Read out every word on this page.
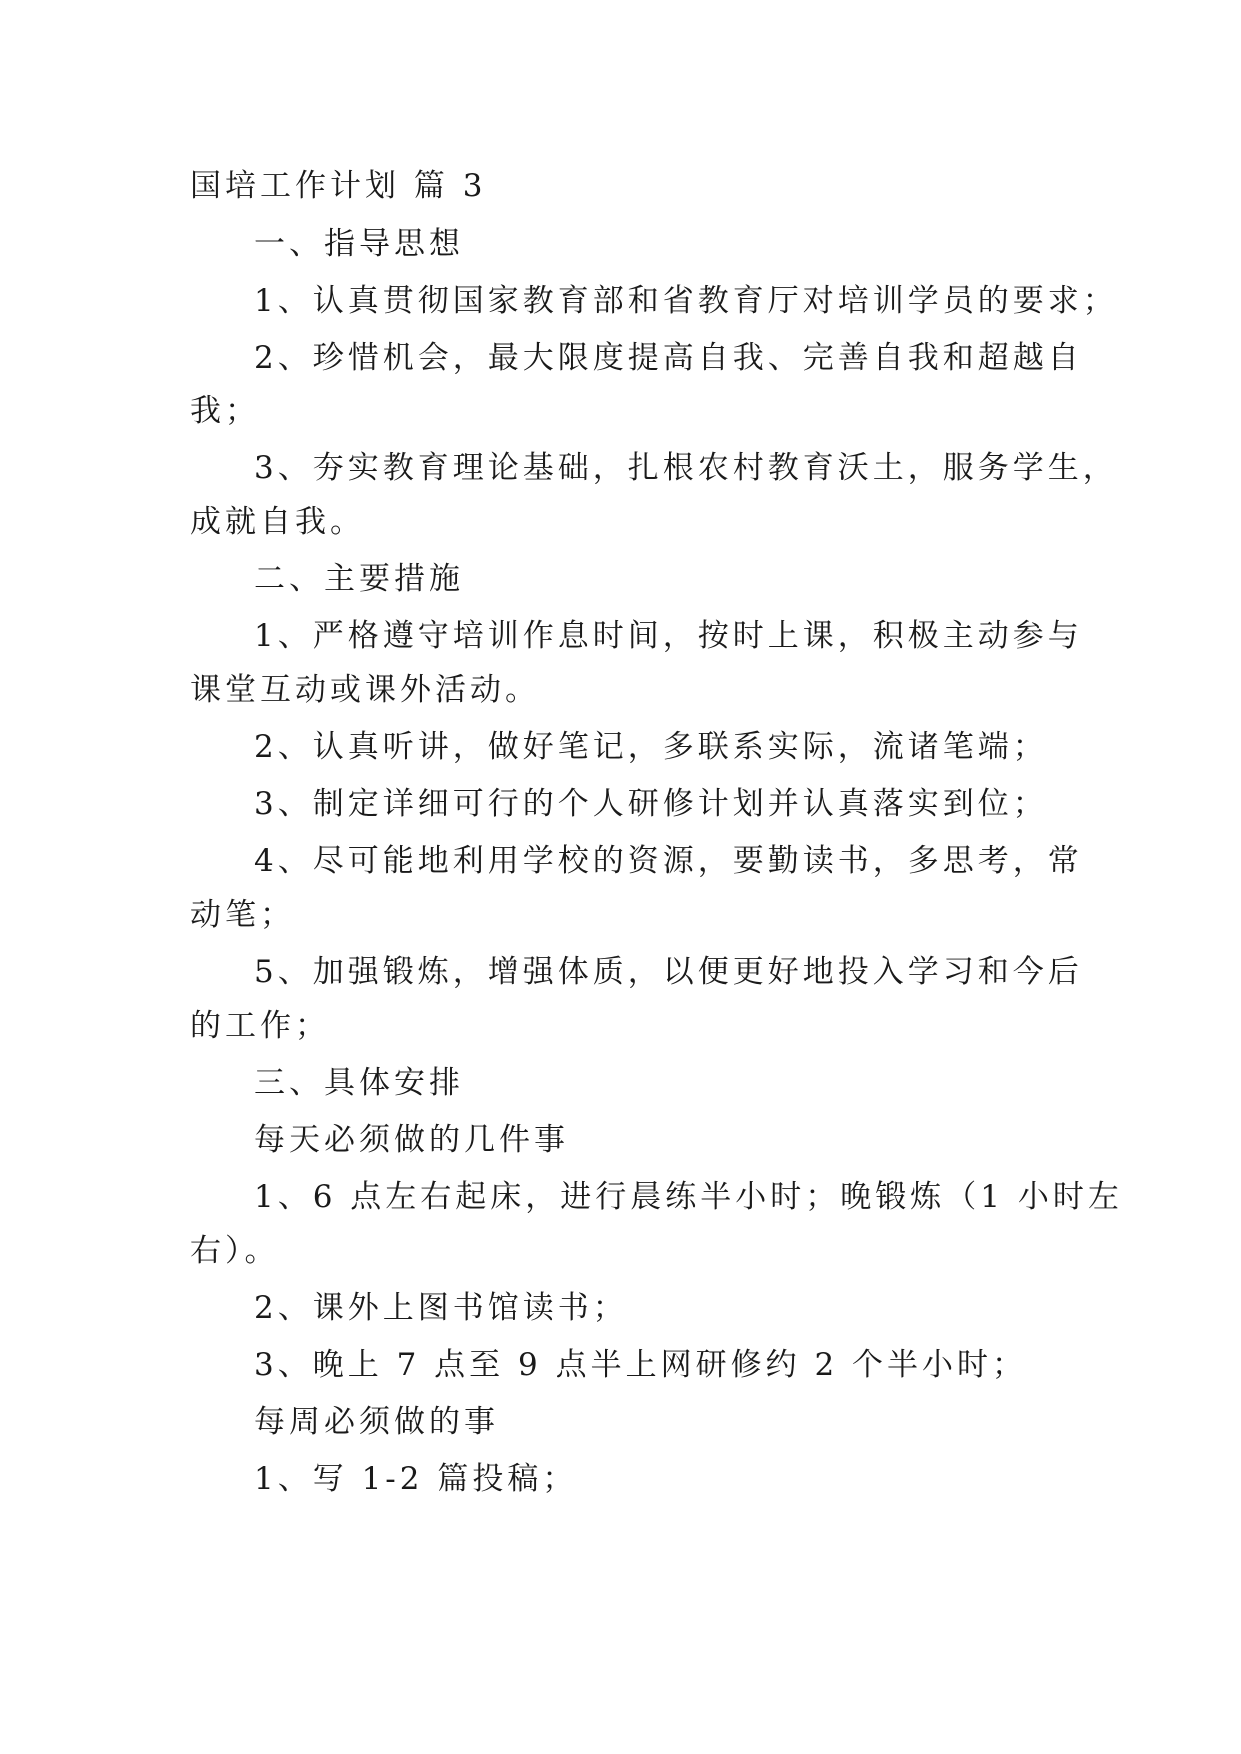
国培工作计划 篇 3
一、指导思想
1、认真贯彻国家教育部和省教育厅对培训学员的要求；
2、珍惜机会，最大限度提高自我、完善自我和超越自
我；
3、夯实教育理论基础，扎根农村教育沃土，服务学生，
成就自我。
二、主要措施
1、严格遵守培训作息时间，按时上课，积极主动参与
课堂互动或课外活动。
2、认真听讲，做好笔记，多联系实际，流诸笔端；
3、制定详细可行的个人研修计划并认真落实到位；
4、尽可能地利用学校的资源，要勤读书，多思考，常
动笔；
5、加强锻炼，增强体质，以便更好地投入学习和今后
的工作；
三、具体安排
每天必须做的几件事
1、6 点左右起床，进行晨练半小时；晚锻炼（1 小时左
右）。
2、课外上图书馆读书；
3、晚上 7 点至 9 点半上网研修约 2 个半小时；
每周必须做的事
1、写 1-2 篇投稿；
